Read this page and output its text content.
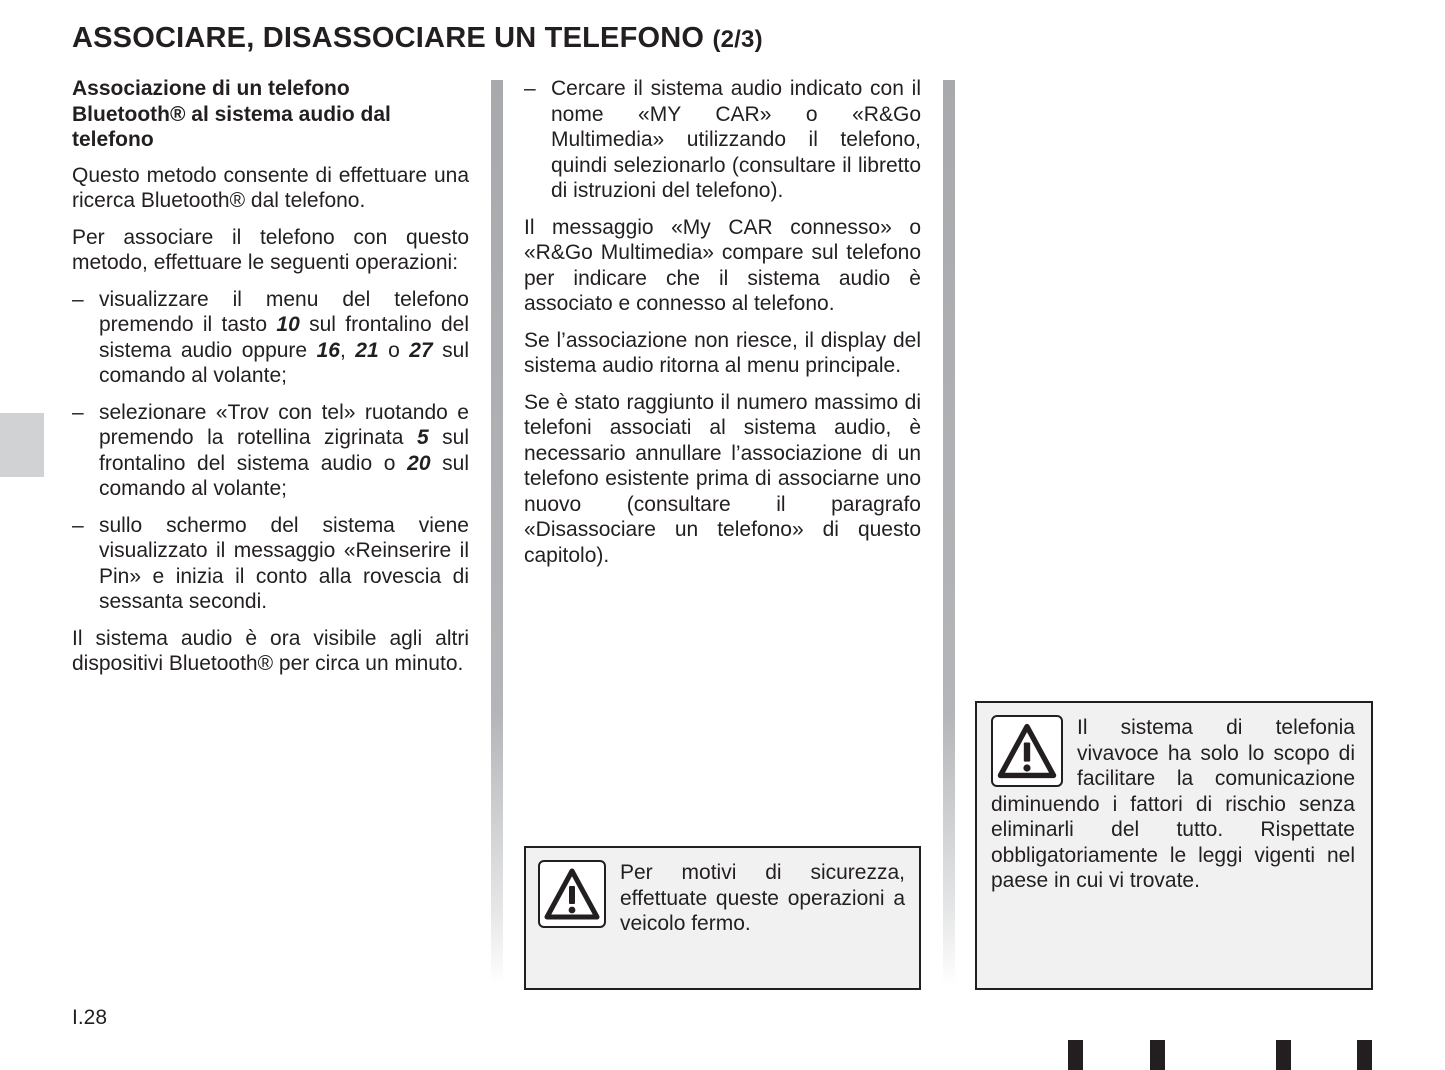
ASSOCIARE, DISASSOCIARE UN TELEFONO (2/3)
Associazione di un telefono Bluetooth® al sistema audio dal telefono

Questo metodo consente di effettuare una ricerca Bluetooth® dal telefono.

Per associare il telefono con questo metodo, effettuare le seguenti operazioni:

– visualizzare il menu del telefono premendo il tasto 10 sul frontalino del sistema audio oppure 16, 21 o 27 sul comando al volante;

– selezionare «Trov con tel» ruotando e premendo la rotellina zigrinata 5 sul frontalino del sistema audio o 20 sul comando al volante;

– sullo schermo del sistema viene visualizzato il messaggio «Reinserire il Pin» e inizia il conto alla rovescia di sessanta secondi.

Il sistema audio è ora visibile agli altri dispositivi Bluetooth® per circa un minuto.

– Cercare il sistema audio indicato con il nome «MY CAR» o «R&Go Multimedia» utilizzando il telefono, quindi selezionarlo (consultare il libretto di istruzioni del telefono).

Il messaggio «My CAR connesso» o «R&Go Multimedia» compare sul telefono per indicare che il sistema audio è associato e connesso al telefono.

Se l’associazione non riesce, il display del sistema audio ritorna al menu principale.

Se è stato raggiunto il numero massimo di telefoni associati al sistema audio, è necessario annullare l’associazione di un telefono esistente prima di associarne uno nuovo (consultare il paragrafo «Disassociare un telefono» di questo capitolo).

Per motivi di sicurezza, effettuate queste operazioni a veicolo fermo.

Il sistema di telefonia vivavoce ha solo lo scopo di facilitare la comunicazione diminuendo i fattori di rischio senza eliminarli del tutto. Rispettate obbligatoriamente le leggi vigenti nel paese in cui vi trovate.

I.28
